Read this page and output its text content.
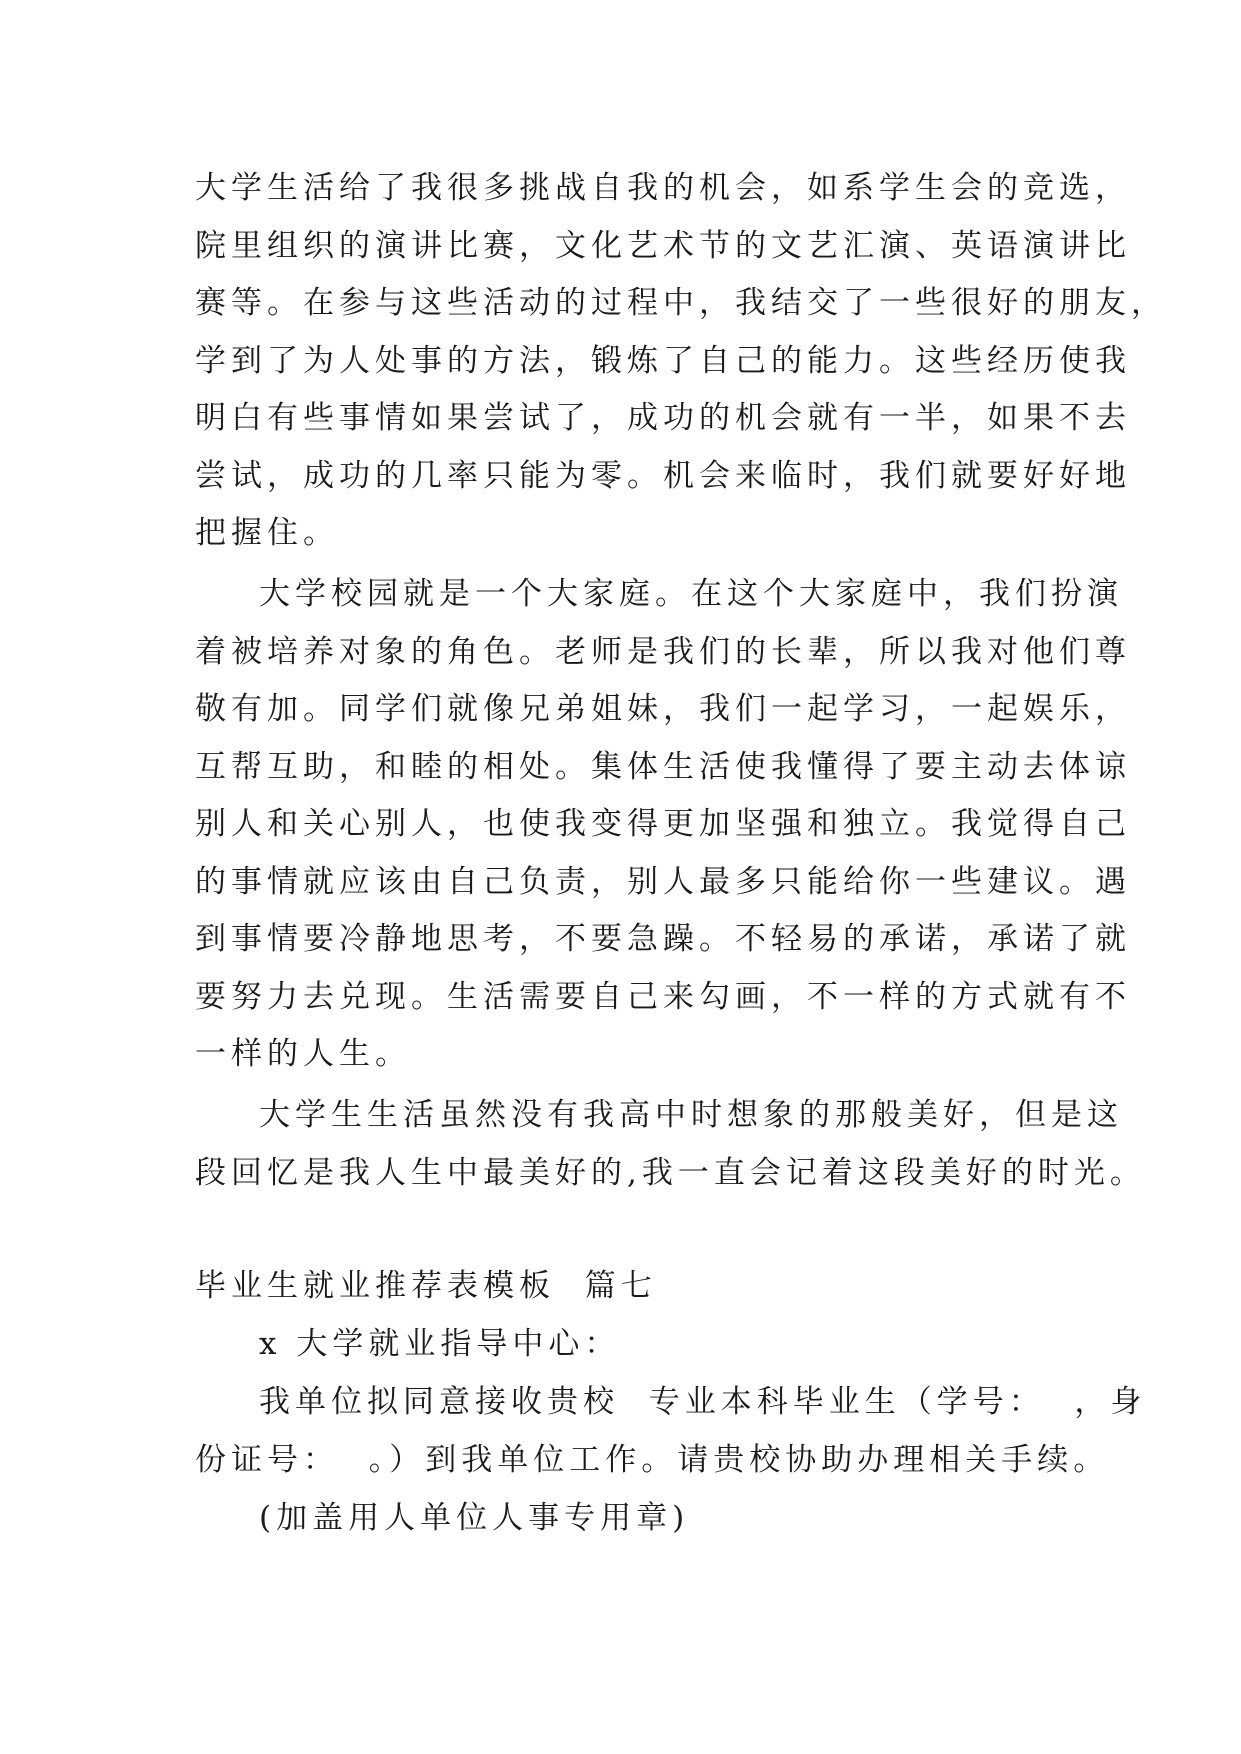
大学生活给了我很多挑战自我的机会，如系学生会的竞选，
院里组织的演讲比赛，文化艺术节的文艺汇演、英语演讲比
赛等。在参与这些活动的过程中，我结交了一些很好的朋友，
学到了为人处事的方法，锻炼了自己的能力。这些经历使我
明白有些事情如果尝试了，成功的机会就有一半，如果不去
尝试，成功的几率只能为零。机会来临时，我们就要好好地
把握住。
大学校园就是一个大家庭。在这个大家庭中，我们扮演
着被培养对象的角色。老师是我们的长辈，所以我对他们尊
敬有加。同学们就像兄弟姐妹，我们一起学习，一起娱乐，
互帮互助，和睦的相处。集体生活使我懂得了要主动去体谅
别人和关心别人，也使我变得更加坚强和独立。我觉得自己
的事情就应该由自己负责，别人最多只能给你一些建议。遇
到事情要冷静地思考，不要急躁。不轻易的承诺，承诺了就
要努力去兑现。生活需要自己来勾画，不一样的方式就有不
一样的人生。
大学生生活虽然没有我高中时想象的那般美好，但是这
段回忆是我人生中最美好的,我一直会记着这段美好的时光。
毕业生就业推荐表模板  篇七
x 大学就业指导中心：
我单位拟同意接收贵校  专业本科毕业生（学号：  ，身
份证号：  。）到我单位工作。请贵校协助办理相关手续。
(加盖用人单位人事专用章)
